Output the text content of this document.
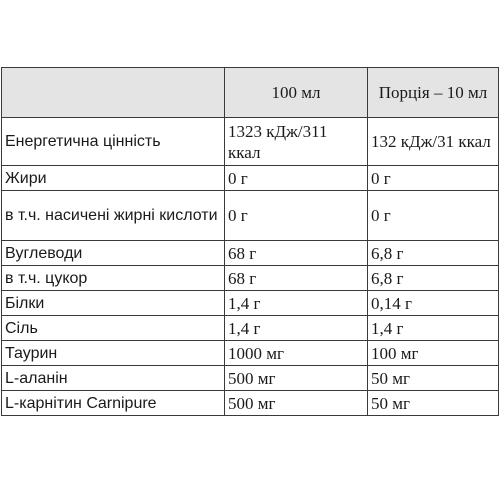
	100 мл	Порція – 10 мл
Енергетична цінність	1323 кДж/311 ккал	132 кДж/31 ккал
Жири	0 г	0 г
в т.ч. насичені жирні кислоти	0 г	0 г
Вуглеводи	68 г	6,8 г
в т.ч. цукор	68 г	6,8 г
Білки	1,4 г	0,14 г
Сіль	1,4 г	1,4 г
Таурин	1000 мг	100 мг
L-аланін	500 мг	50 мг
L-карнітин Carnipure	500 мг	50 мг
